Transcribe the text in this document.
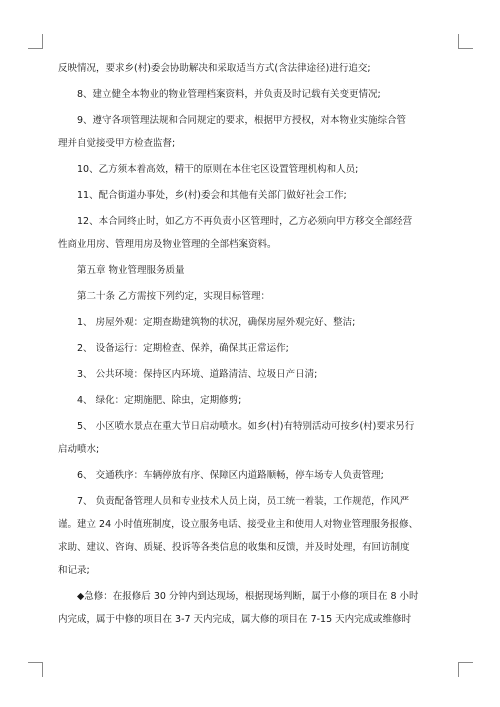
反映情况，要求乡(村)委会协助解决和采取适当方式(含法律途径)进行追交;

8、建立健全本物业的物业管理档案资料，并负责及时记载有关变更情况;

9、遵守各项管理法规和合同规定的要求，根据甲方授权，对本物业实施综合管

理并自觉接受甲方检查监督;

10、乙方须本着高效，精干的原则在本住宅区设置管理机构和人员;

11、配合街道办事处，乡(村)委会和其他有关部门做好社会工作;

12、本合同终止时，如乙方不再负责小区管理时，乙方必须向甲方移交全部经营

性商业用房、管理用房及物业管理的全部档案资料。

第五章 物业管理服务质量

第二十条 乙方需按下列约定，实现目标管理：

1、 房屋外观：定期查勘建筑物的状况，确保房屋外观完好、整洁;

2、 设备运行：定期检查、保养，确保其正常运作;

3、 公共环境：保持区内环境、道路清洁、垃圾日产日清;

4、 绿化：定期施肥、除虫，定期修剪;

5、 小区喷水景点在重大节日启动喷水。如乡(村)有特别活动可按乡(村)要求另行

启动喷水;

6、 交通秩序：车辆停放有序、保障区内道路顺畅，停车场专人负责管理;

7、 负责配备管理人员和专业技术人员上岗，员工统一着装，工作规范，作风严

谨。建立 24 小时值班制度，设立服务电话、接受业主和使用人对物业管理服务报修、

求助、建议、咨询、质疑、投诉等各类信息的收集和反馈，并及时处理，有回访制度

和记录;

◆急修：在报修后 30 分钟内到达现场，根据现场判断，属于小修的项目在 8 小时

内完成，属于中修的项目在 3-7 天内完成，属大修的项目在 7-15 天内完成或维修时
